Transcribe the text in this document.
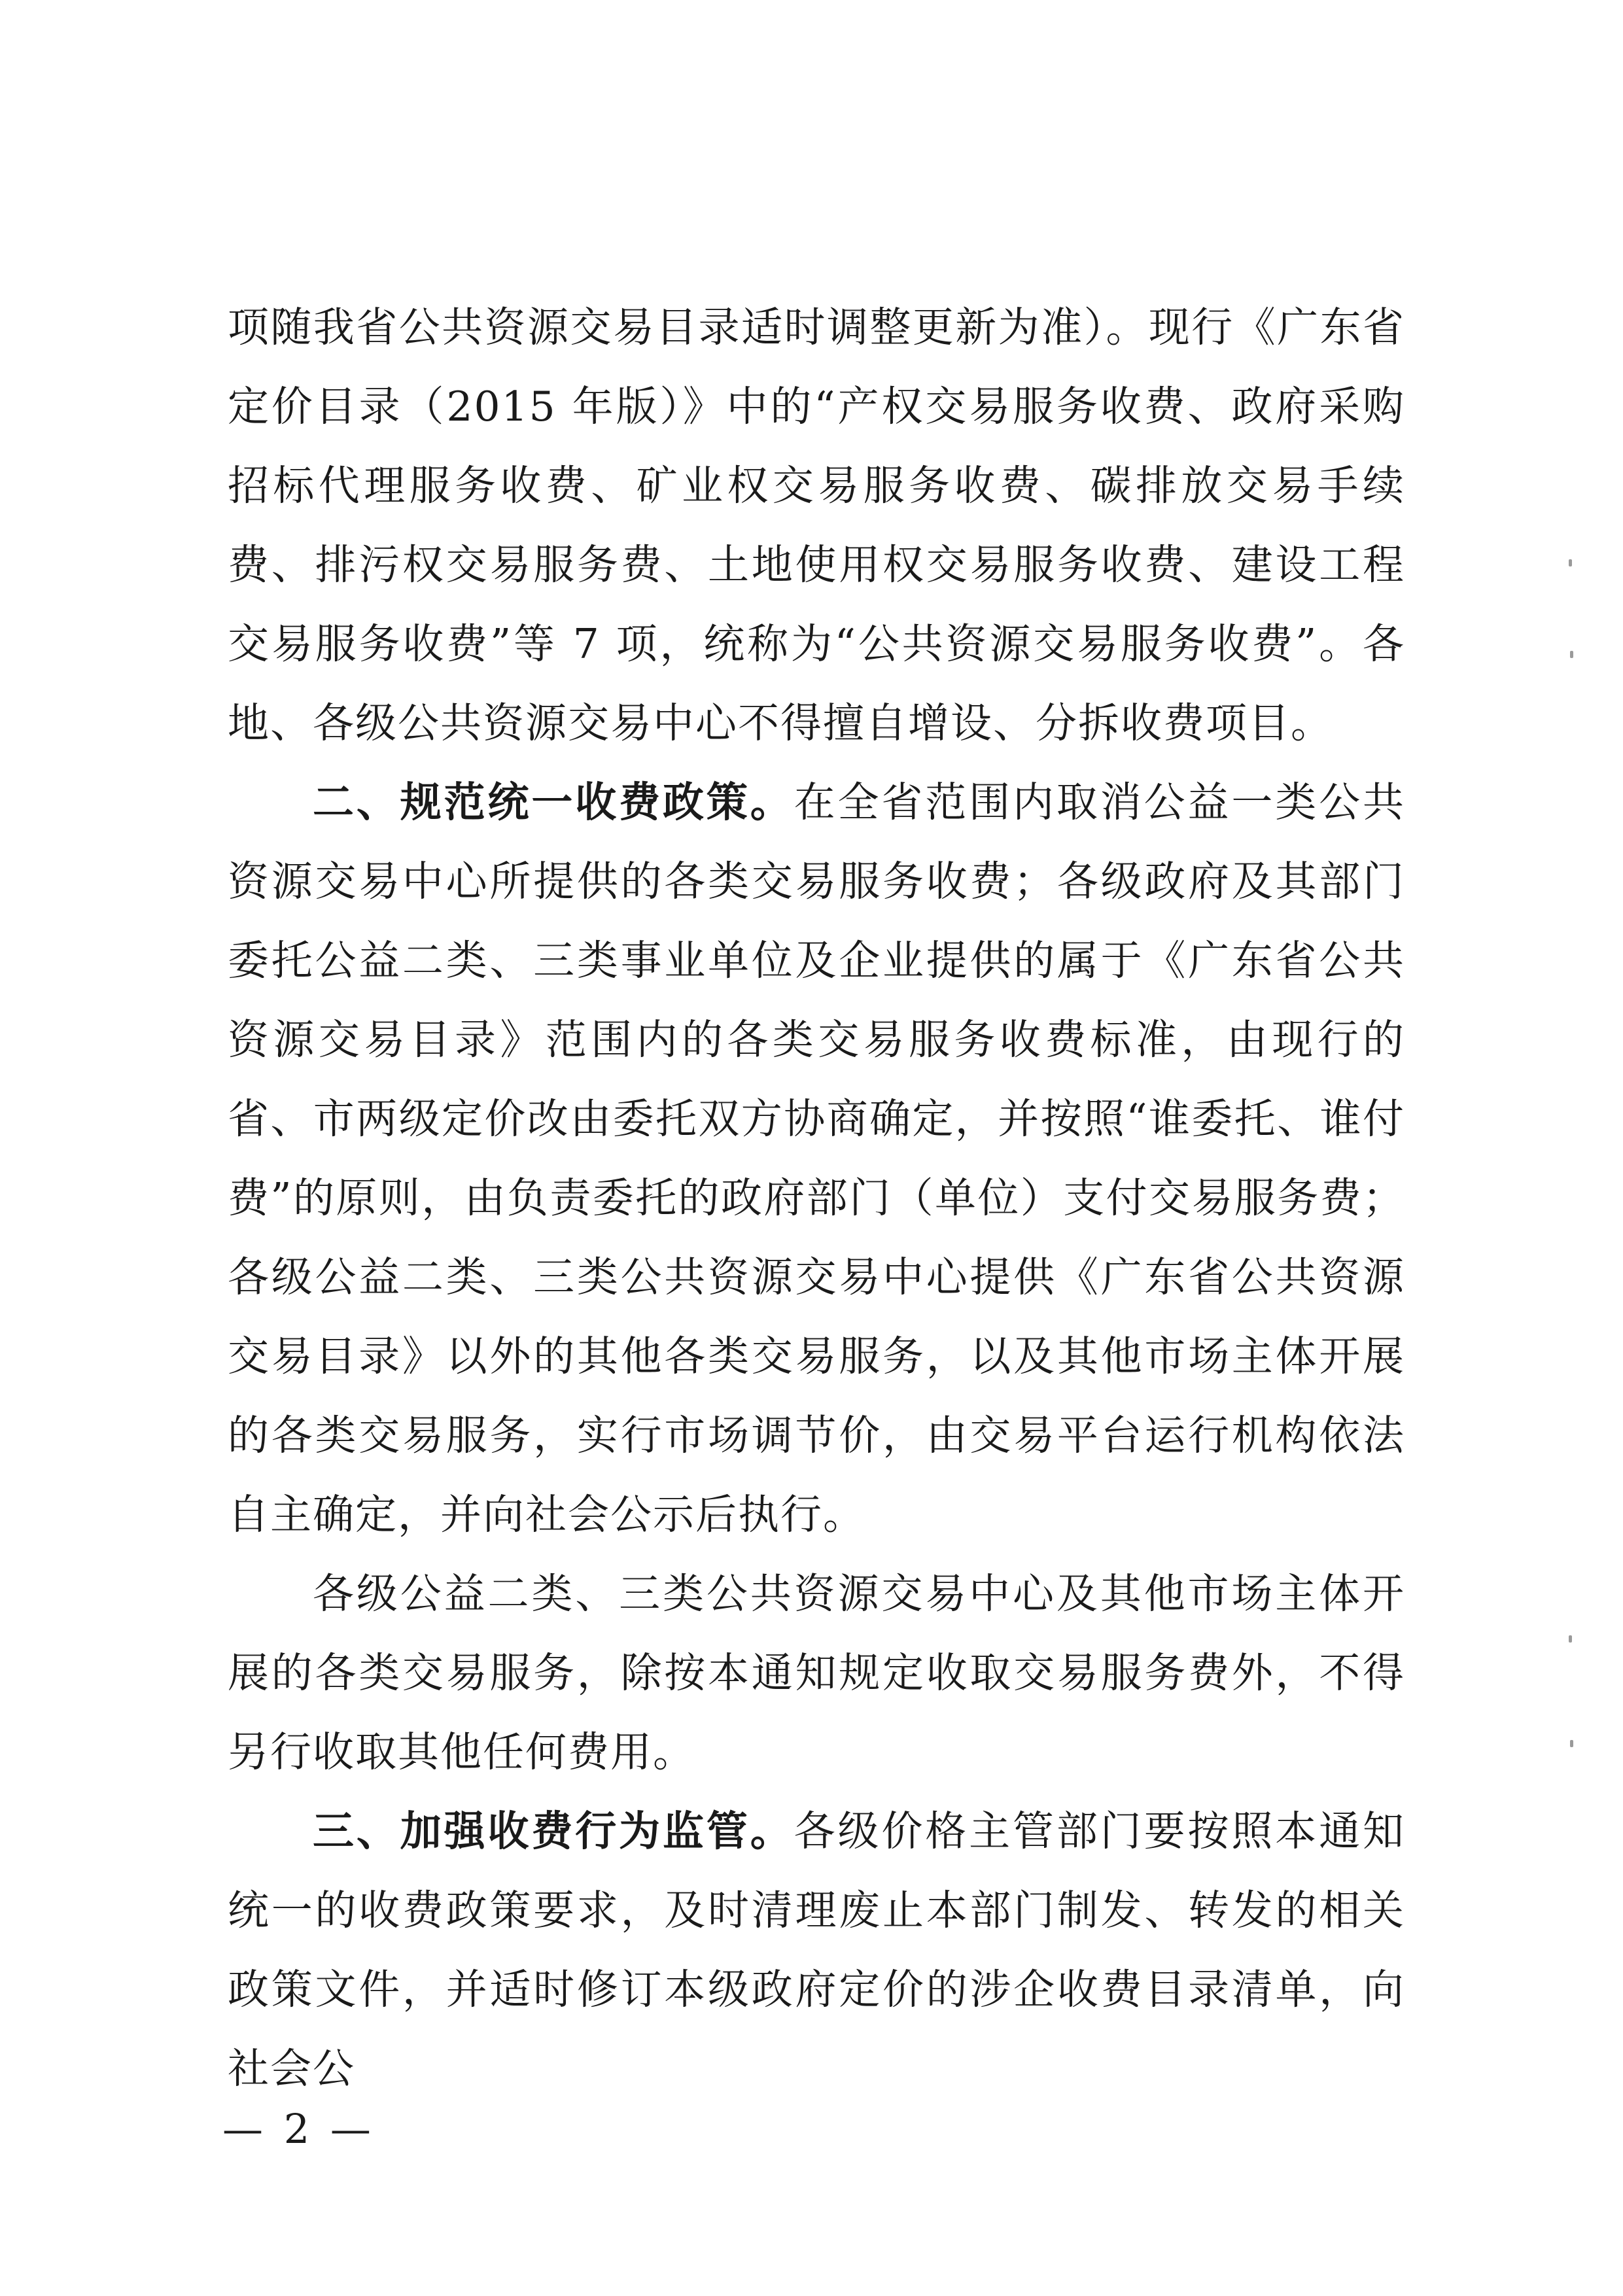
项随我省公共资源交易目录适时调整更新为准）。现行《广东省定价目录（2015 年版）》中的“产权交易服务收费、政府采购招标代理服务收费、矿业权交易服务收费、碳排放交易手续费、排污权交易服务费、土地使用权交易服务收费、建设工程交易服务收费”等 7 项，统称为“公共资源交易服务收费”。各地、各级公共资源交易中心不得擅自增设、分拆收费项目。

二、规范统一收费政策。在全省范围内取消公益一类公共资源交易中心所提供的各类交易服务收费；各级政府及其部门委托公益二类、三类事业单位及企业提供的属于《广东省公共资源交易目录》范围内的各类交易服务收费标准，由现行的省、市两级定价改由委托双方协商确定，并按照“谁委托、谁付费”的原则，由负责委托的政府部门（单位）支付交易服务费；各级公益二类、三类公共资源交易中心提供《广东省公共资源交易目录》以外的其他各类交易服务，以及其他市场主体开展的各类交易服务，实行市场调节价，由交易平台运行机构依法自主确定，并向社会公示后执行。

各级公益二类、三类公共资源交易中心及其他市场主体开展的各类交易服务，除按本通知规定收取交易服务费外，不得另行收取其他任何费用。

三、加强收费行为监管。各级价格主管部门要按照本通知统一的收费政策要求，及时清理废止本部门制发、转发的相关政策文件，并适时修订本级政府定价的涉企收费目录清单，向社会公

— 2 —
